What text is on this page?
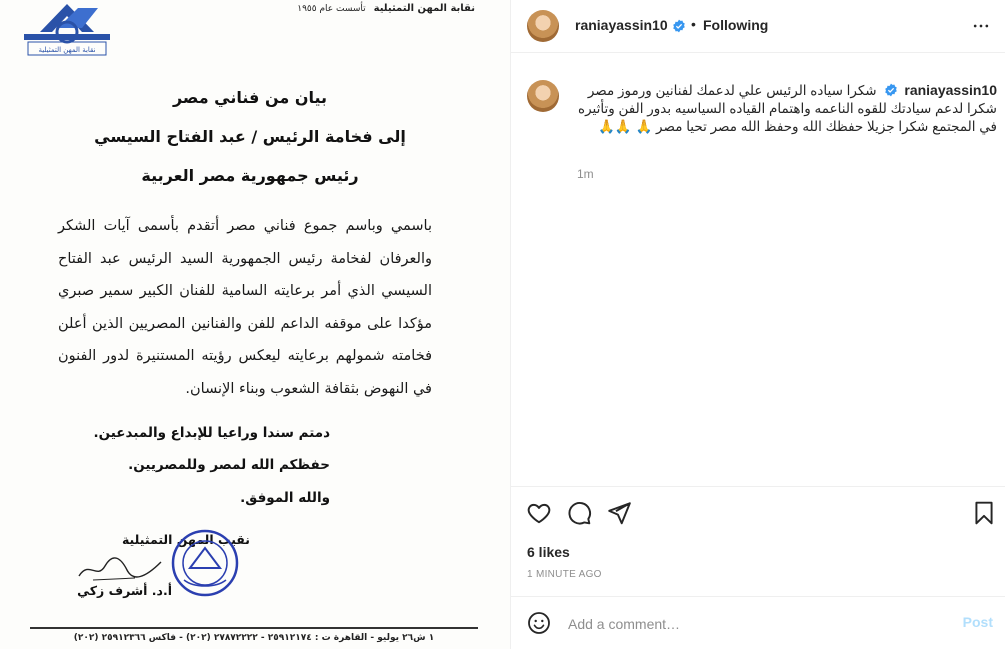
نقابة المهن التمثيلية
نقابة المهن التمثيليةتأسست عام ١٩٥٥
بيان من فناني مصر
إلى فخامة الرئيس / عبد الفتاح السيسي
رئيس جمهورية مصر العربية
باسمي وباسم جموع فناني مصر أتقدم بأسمى آيات الشكر والعرفان لفخامة رئيس الجمهورية السيد الرئيس عبد الفتاح السيسي الذي أمر برعايته السامية للفنان الكبير سمير صبري مؤكدا على موقفه الداعم للفن والفنانين المصريين الذين أعلن فخامته شمولهم برعايته ليعكس رؤيته المستنيرة لدور الفنون في النهوض بثقافة الشعوب وبناء الإنسان.
دمتم سندا وراعيا للإبداع والمبدعين.
حفظكم الله لمصر وللمصريين.
والله الموفق.
نقيب المهن التمثيلية
أ.د. أشرف زكي
١ ش٢٦ يوليو - القاهرة ت : ٢٥٩١٢١٧٤ - ٢٧٨٧٢٢٢٢ (٢٠٢) - فاكس ٢٥٩١٢٣٦٦ (٢٠٢)
raniayassin10 • Following
raniayassin10 شكرا سياده الرئيس علي لدعمك لفنانين ورموز مصر شكرا لدعم سيادتك للقوه الناعمه واهتمام القياده السياسيه بدور الفن وتأثيره في المجتمع شكرا جزيلا حفظك الله وحفظ الله مصر تحيا مصر 🙏 🙏🙏
1m
6 likes
1 MINUTE AGO
Add a comment…
Post
